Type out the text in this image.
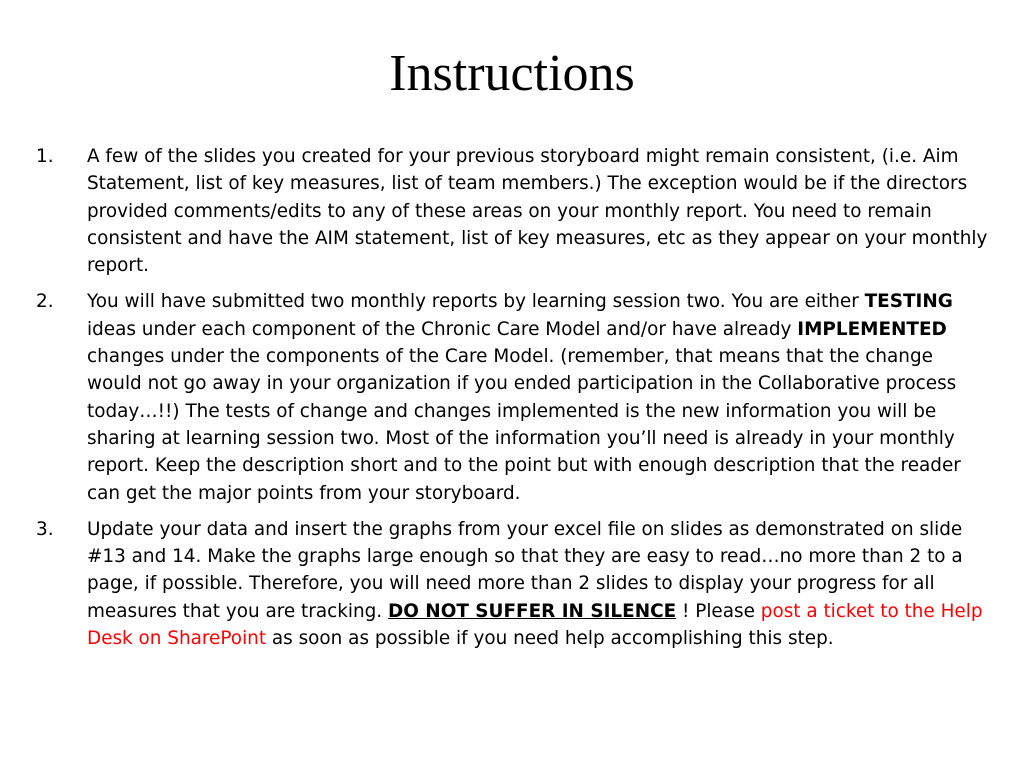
Instructions
1.	A few of the slides you created for your previous storyboard might remain consistent, (i.e. Aim Statement, list of key measures, list of team members.) The exception would be if the directors provided comments/edits to any of these areas on your monthly report. You need to remain consistent and have the AIM statement, list of key measures, etc as they appear on your monthly report.
2.	You will have submitted two monthly reports by learning session two. You are either TESTING ideas under each component of the Chronic Care Model and/or have already IMPLEMENTED changes under the components of the Care Model. (remember, that means that the change would not go away in your organization if you ended participation in the Collaborative process today…!!) The tests of change and changes implemented is the new information you will be sharing at learning session two. Most of the information you’ll need is already in your monthly report. Keep the description short and to the point but with enough description that the reader can get the major points from your storyboard.
3.	Update your data and insert the graphs from your excel file on slides as demonstrated on slide #13 and 14. Make the graphs large enough so that they are easy to read…no more than 2 to a page, if possible. Therefore, you will need more than 2 slides to display your progress for all measures that you are tracking. DO NOT SUFFER IN SILENCE ! Please post a ticket to the Help Desk on SharePoint as soon as possible if you need help accomplishing this step.
